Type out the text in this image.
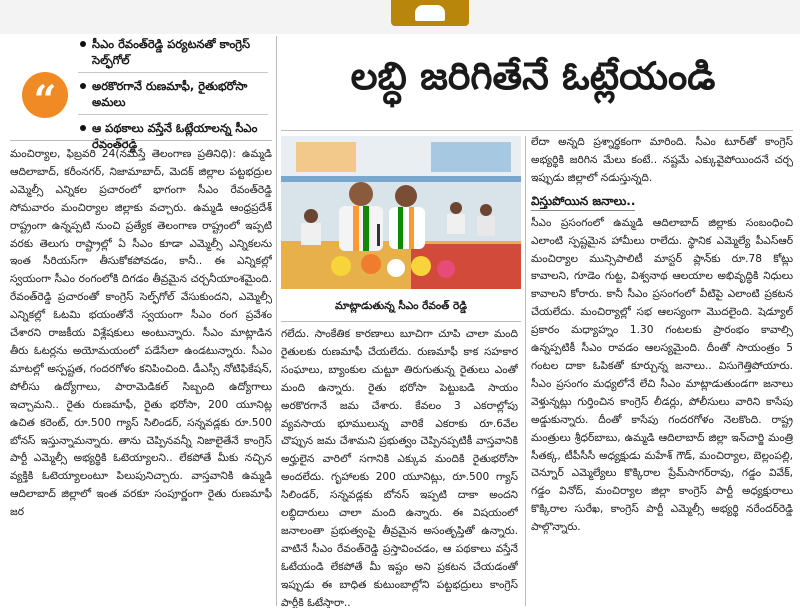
“
సీఎం రేవంత్‌రెడ్డి పర్యటనతో కాంగ్రెస్‌ సెల్ఫ్‌గోల్‌
అరకొరగానే రుణమాఫీ, రైతుభరోసా అమలు
ఆ పథకాలు వస్తేనే ఓట్లేయాలన్న సీఎం రేవంత్‌రెడ్డి
లబ్ధి జరిగితేనే ఓట్లేయండి

మంచిర్యాల, ఫిబ్రవరి 24(నమస్తే తెలంగాణ ప్రతినిధి): ఉమ్మడి ఆదిలాబాద్‌, కరీంనగర్‌, నిజామాబాద్‌, మెదక్‌ జిల్లాల పట్టభద్రుల ఎమ్మెల్సీ ఎన్నికల ప్రచారంలో భాగంగా సీఎం రేవంత్‌రెడ్డి సోమవారం మంచిర్యాల జిల్లాకు వచ్చారు. ఉమ్మడి ఆంధ్రప్రదేశ్‌ రాష్ట్రంగా ఉన్నప్పటి నుంచి ప్రత్యేక తెలంగాణ రాష్ట్రంలో ఇప్పటి వరకు తెలుగు రాష్ట్రాల్లో ఏ సీఎం కూడా ఎమ్మెల్సీ ఎన్నికలను ఇంత సీరియస్‌గా తీసుకోకపోవడం, కానీ.. ఈ ఎన్నికల్లో స్వయంగా సీఎం రంగంలోకి దిగడం తీవ్రమైన చర్చనీయాంశమైంది. రేవంత్‌రెడ్డి ప్రచారంతో కాంగ్రెస్‌ సెల్ఫ్‌గోల్‌ వేసుకుందని, ఎమ్మెల్సీ ఎన్నికల్లో ఓటమి భయంతోనే స్వయంగా సీఎం రంగ ప్రవేశం చేశారని రాజకీయ విశ్లేషకులు అంటున్నారు. సీఎం మాట్లాడిన తీరు ఓటర్లను అయోమయంలో పడేసేలా ఉండటున్నారు. సీఎం మాటల్లో అస్పష్టత, గందరగోళం కనిపించింది. డీఎస్సీ నోటిఫికేషన్‌, పోలీసు ఉద్యోగాలు, పారామెడికల్‌ సిబ్బంది ఉద్యోగాలు ఇచ్చామని.. రైతు రుణమాఫీ, రైతు భరోసా, 200 యూనిట్ల ఉచిత కరెంట్‌, రూ.500 గ్యాస్‌ సిలిండర్‌, సన్నవడ్లకు రూ.500 బోనస్‌ ఇస్తున్నామన్నారు. తాను చెప్పినవన్నీ నిజాలైతేనే కాంగ్రెస్‌ పార్టీ ఎమ్మెల్సీ అభ్యర్థికి ఓటెయ్యాలని.. లేకపోతే మీకు నచ్చిన వ్యక్తికి ఓటెయ్యాలంటూ పిలుపునిచ్చారు. వాస్తవానికి ఉమ్మడి ఆదిలాబాద్‌ జిల్లాలో ఇంత వరకూ సంపూర్ణంగా రైతు రుణమాఫీ జర

మాట్లాడుతున్న సీఎం రేవంత్‌ రెడ్డి

గలేదు. సాంకేతిక కారణాలు బూచిగా చూపి చాలా మంది రైతులకు రుణమాఫీ చేయలేదు. రుణమాఫీ కాక సహకార సంఘాలు, బ్యాంకుల చుట్టూ తిరుగుతున్న రైతులు ఎంతో మంది ఉన్నారు. రైతు భరోసా పెట్టుబడి సాయం అరకొరగానే జమ చేశారు. కేవలం 3 ఎకరాల్లోపు వ్యవసాయ భూములున్న వారికే ఎకరాకు రూ.6వేల చొప్పున జమ చేశామని ప్రభుత్వం చెప్పినప్పటికీ వాస్తవానికి అర్హులైన వారిలో సగానికి ఎక్కువ మందికి రైతుభరోసా అందలేదు. గృహాలకు 200 యూనిట్లు, రూ.500 గ్యాస్‌ సిలిండర్‌, సన్నవడ్లకు బోనస్‌ ఇప్పటి దాకా అందని లబ్ధిదారులు చాలా మంది ఉన్నారు. ఈ విషయంలో జనాలంతా ప్రభుత్వంపై తీవ్రమైన అసంతృప్తితో ఉన్నారు. వాటినే సీఎం రేవంత్‌రెడ్డి ప్రస్తావించడం, ఆ పథకాలు వస్తేనే ఓటేయండి లేకపోతే మీ ఇష్టం అని ప్రకటన చేయడంతో ఇప్పుడు ఈ బాధిత కుటుంబాల్లోని పట్టభద్రులు కాంగ్రెస్‌ పార్టీకి ఓటేస్తారా..

లేదా అన్నది ప్రశ్నార్థకంగా మారింది. సీఎం టూర్‌తో కాంగ్రెస్‌ అభ్యర్థికి జరిగిన మేలు కంటే.. నష్టమే ఎక్కువైపోయిందనే చర్చ ఇప్పుడు జిల్లాలో నడుస్తున్నది.

విస్తుపోయిన జనాలు..

సీఎం ప్రసంగంలో ఉమ్మడి ఆదిలాబాద్‌ జిల్లాకు సంబంధించి ఎలాంటి స్పష్టమైన హామీలు రాలేదు. స్థానిక ఎమ్మెల్యే పీఎస్‌ఆర్‌ మంచిర్యాల మున్సిపాలిటీ మాస్టర్‌ ప్లాన్‌కు రూ.78 కోట్లు కావాలని, గూడెం గుట్ట, విశ్వనాథ ఆలయాల అభివృద్ధికి నిధులు కావాలని కోరారు. కానీ సీఎం ప్రసంగంలో వీటిపై ఎలాంటి ప్రకటన చేయలేదు. మంచిర్యాల్లో సభ ఆలస్యంగా మొదలైంది. షెడ్యూల్‌ ప్రకారం మధ్యాహ్నం 1.30 గంటలకు ప్రారంభం కావాల్సి ఉన్నప్పటికీ సీఎం రావడం ఆలస్యమైంది. దీంతో సాయంత్రం 5 గంటల దాకా ఓపికతో కూర్చున్న జనాలు.. విసుగెత్తిపోయారు. సీఎం ప్రసంగం మధ్యలోనే లేచి సీఎం మాట్లాడుతుండగా జనాలు వెళ్తున్నట్లు గుర్తించిన కాంగ్రెస్‌ లీడర్లు, పోలీసులు వారిని కాసేపు అడ్డుకున్నారు. దీంతో కాసేపు గందరగోళం నెలకొంది. రాష్ట్ర మంత్రులు శ్రీధర్‌బాబు, ఉమ్మడి ఆదిలాబాద్‌ జిల్లా ఇన్‌చార్జి మంత్రి సీతక్క, టీపీసీసీ అధ్యక్షుడు మహేశ్‌ గౌడ్‌, మంచిర్యాల, బెల్లంపల్లి, చెన్నూర్‌ ఎమ్మెల్యేలు కొక్కిరాల ప్రేమ్‌సాగర్‌రావు, గడ్డం వివేక్‌, గడ్డం వినోద్‌, మంచిర్యాల జిల్లా కాంగ్రెస్‌ పార్టీ అధ్యక్షురాలు కొక్కిరాల సురేఖ, కాంగ్రెస్‌ పార్టీ ఎమ్మెల్సీ అభ్యర్థి నరేందర్‌రెడ్డి పాల్గొన్నారు.
